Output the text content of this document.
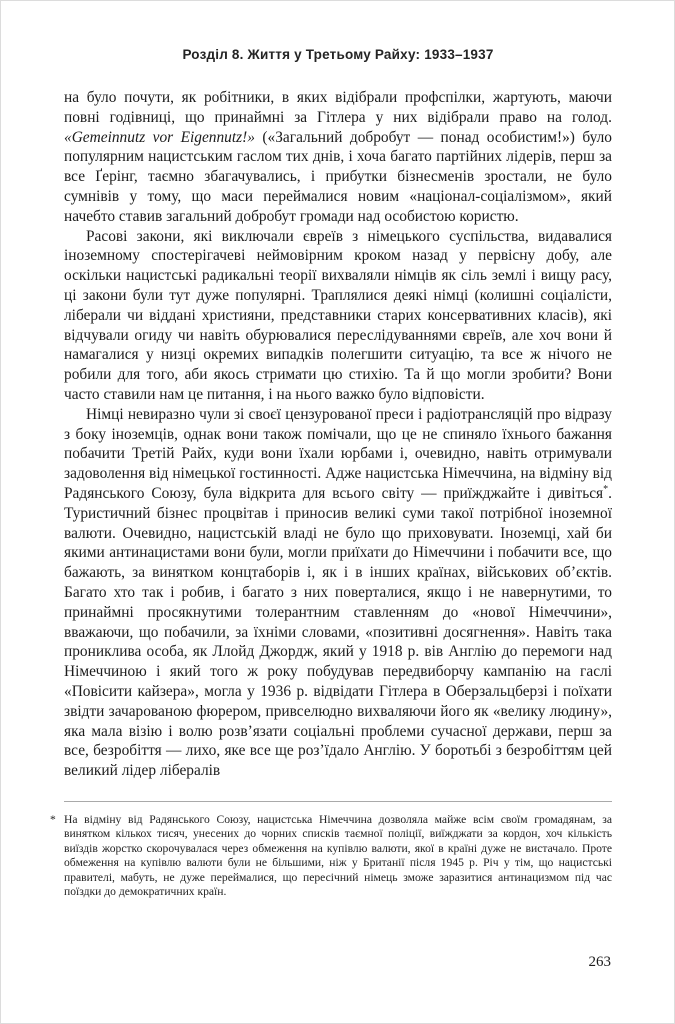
Розділ 8. Життя у Третьому Райху: 1933–1937

на було почути, як робітники, в яких відібрали профспілки, жартують, маючи повні годівниці, що принаймні за Гітлера у них відібрали право на голод. «Gemeinnutz vor Eigennutz!» («Загальний добробут — понад особистим!») було популярним нацистським гаслом тих днів, і хоча багато партійних лідерів, перш за все Ґерінг, таємно збагачувались, і прибутки бізнесменів зростали, не було сумнівів у тому, що маси переймалися новим «націонал-соціалізмом», який начебто ставив загальний добробут громади над особистою користю.

Расові закони, які виключали євреїв з німецького суспільства, видавалися іноземному спостерігачеві неймовірним кроком назад у первісну добу, але оскільки нацистські радикальні теорії вихваляли німців як сіль землі і вищу расу, ці закони були тут дуже популярні. Траплялися деякі німці (колишні соціалісти, ліберали чи віддані християни, представники старих консервативних класів), які відчували огиду чи навіть обурювалися переслідуваннями євреїв, але хоч вони й намагалися у низці окремих випадків полегшити ситуацію, та все ж нічого не робили для того, аби якось стримати цю стихію. Та й що могли зробити? Вони часто ставили нам це питання, і на нього важко було відповісти.

Німці невиразно чули зі своєї цензурованої преси і радіотрансляцій про відразу з боку іноземців, однак вони також помічали, що це не спиняло їхнього бажання побачити Третій Райх, куди вони їхали юрбами і, очевидно, навіть отримували задоволення від німецької гостинності. Адже нацистська Німеччина, на відміну від Радянського Союзу, була відкрита для всього світу — приїжджайте і дивіться*. Туристичний бізнес процвітав і приносив великі суми такої потрібної іноземної валюти. Очевидно, нацистській владі не було що приховувати. Іноземці, хай би якими антинацистами вони були, могли приїхати до Німеччини і побачити все, що бажають, за винятком концтаборів і, як і в інших країнах, військових об’єктів. Багато хто так і робив, і багато з них поверталися, якщо і не навернутими, то принаймні просякнутими толерантним ставленням до «нової Німеччини», вважаючи, що побачили, за їхніми словами, «позитивні досягнення». Навіть така прониклива особа, як Ллойд Джордж, який у 1918 р. вів Англію до перемоги над Німеччиною і який того ж року побудував передвиборчу кампанію на гаслі «Повісити кайзера», могла у 1936 р. відвідати Гітлера в Оберзальцберзі і поїхати звідти зачарованою фюрером, привселюдно вихваляючи його як «велику людину», яка мала візію і волю розв’язати соціальні проблеми сучасної держави, перш за все, безробіття — лихо, яке все ще роз’їдало Англію. У боротьбі з безробіттям цей великий лідер лібералів

* На відміну від Радянського Союзу, нацистська Німеччина дозволяла майже всім своїм громадянам, за винятком кількох тисяч, унесених до чорних списків таємної поліції, виїжджати за кордон, хоч кількість виїздів жорстко скорочувалася через обмеження на купівлю валюти, якої в країні дуже не вистачало. Проте обмеження на купівлю валюти були не більшими, ніж у Британії після 1945 р. Річ у тім, що нацистські правителі, мабуть, не дуже переймалися, що пересічний німець зможе заразитися антинацизмом під час поїздки до демократичних країн.
263
